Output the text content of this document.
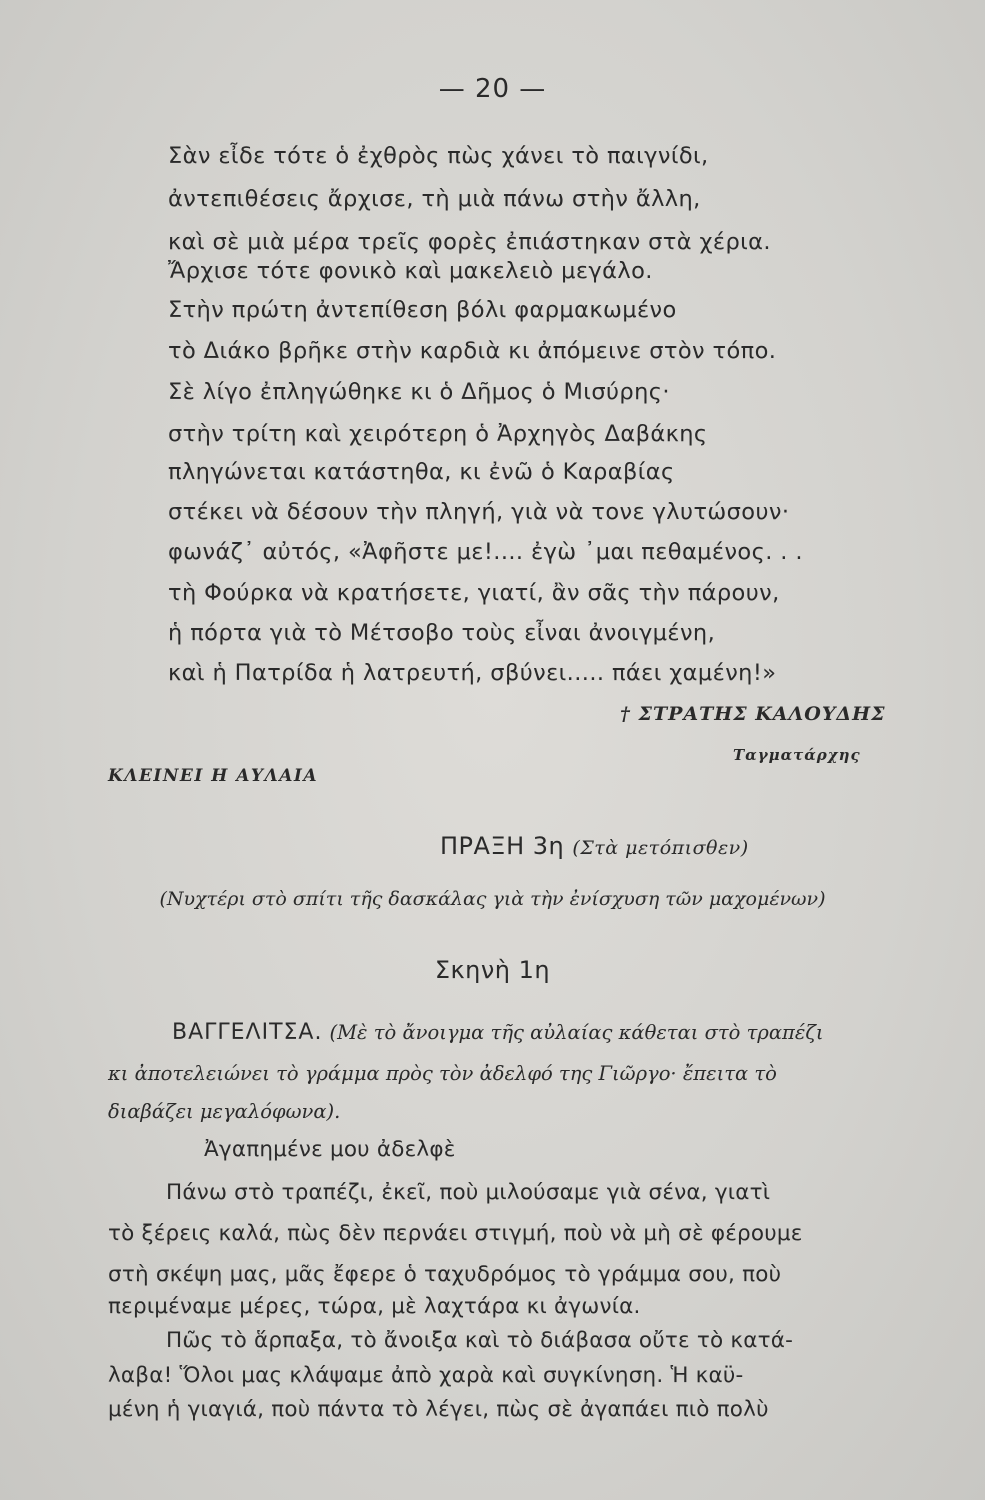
— 20 —
Σὰν εἶδε τότε ὁ ἐχθρὸς πὼς χάνει τὸ παιγνίδι,
ἀντεπιθέσεις ἄρχισε, τὴ μιὰ πάνω στὴν ἄλλη,
καὶ σὲ μιὰ μέρα τρεῖς φορὲς ἐπιάστηκαν στὰ χέρια.
Ἄρχισε τότε φονικὸ καὶ μακελειὸ μεγάλο.
Στὴν πρώτη ἀντεπίθεση βόλι φαρμακωμένο
τὸ Διάκο βρῆκε στὴν καρδιὰ κι ἀπόμεινε στὸν τόπο.
Σὲ λίγο ἐπληγώθηκε κι ὁ Δῆμος ὁ Μισύρης·
στὴν τρίτη καὶ χειρότερη ὁ Ἀρχηγὸς Δαβάκης
πληγώνεται κατάστηθα, κι ἐνῶ ὁ Καραβίας
στέκει νὰ δέσουν τὴν πληγή, γιὰ νὰ τονε γλυτώσουν·
φωνάζ᾽ αὐτός, «Ἀφῆστε με!.... ἐγὼ ᾿μαι πεθαμένος. . .
τὴ Φούρκα νὰ κρατήσετε, γιατί, ἂν σᾶς τὴν πάρουν,
ἡ πόρτα γιὰ τὸ Μέτσοβο τοὺς εἶναι ἀνοιγμένη,
καὶ ἡ Πατρίδα ἡ λατρευτή, σβύνει..... πάει χαμένη!»
† ΣΤΡΑΤΗΣ ΚΑΛΟΥΔΗΣ
Ταγματάρχης
ΚΛΕΙΝΕΙ Η ΑΥΛΑΙΑ
ΠΡΑΞΗ 3η (Στὰ μετόπισθεν)
(Νυχτέρι στὸ σπίτι τῆς δασκάλας γιὰ τὴν ἐνίσχυση τῶν μαχομένων)
Σκηνὴ 1η
ΒΑΓΓΕΛΙΤΣΑ. (Μὲ τὸ ἄνοιγμα τῆς αὐλαίας κάθεται στὸ τραπέζι
κι ἀποτελειώνει τὸ γράμμα πρὸς τὸν ἀδελφό της Γιῶργο· ἔπειτα τὸ
διαβάζει μεγαλόφωνα).
Ἀγαπημένε μου ἀδελφὲ
Πάνω στὸ τραπέζι, ἐκεῖ, ποὺ μιλούσαμε γιὰ σένα, γιατὶ
τὸ ξέρεις καλά, πὼς δὲν περνάει στιγμή, ποὺ νὰ μὴ σὲ φέρουμε
στὴ σκέψη μας, μᾶς ἔφερε ὁ ταχυδρόμος τὸ γράμμα σου, ποὺ
περιμέναμε μέρες, τώρα, μὲ λαχτάρα κι ἀγωνία.
Πῶς τὸ ἅρπαξα, τὸ ἄνοιξα καὶ τὸ διάβασα οὔτε τὸ κατά-
λαβα! Ὅλοι μας κλάψαμε ἀπὸ χαρὰ καὶ συγκίνηση. Ἡ καϋ-
μένη ἡ γιαγιά, ποὺ πάντα τὸ λέγει, πὼς σὲ ἀγαπάει πιὸ πολὺ
